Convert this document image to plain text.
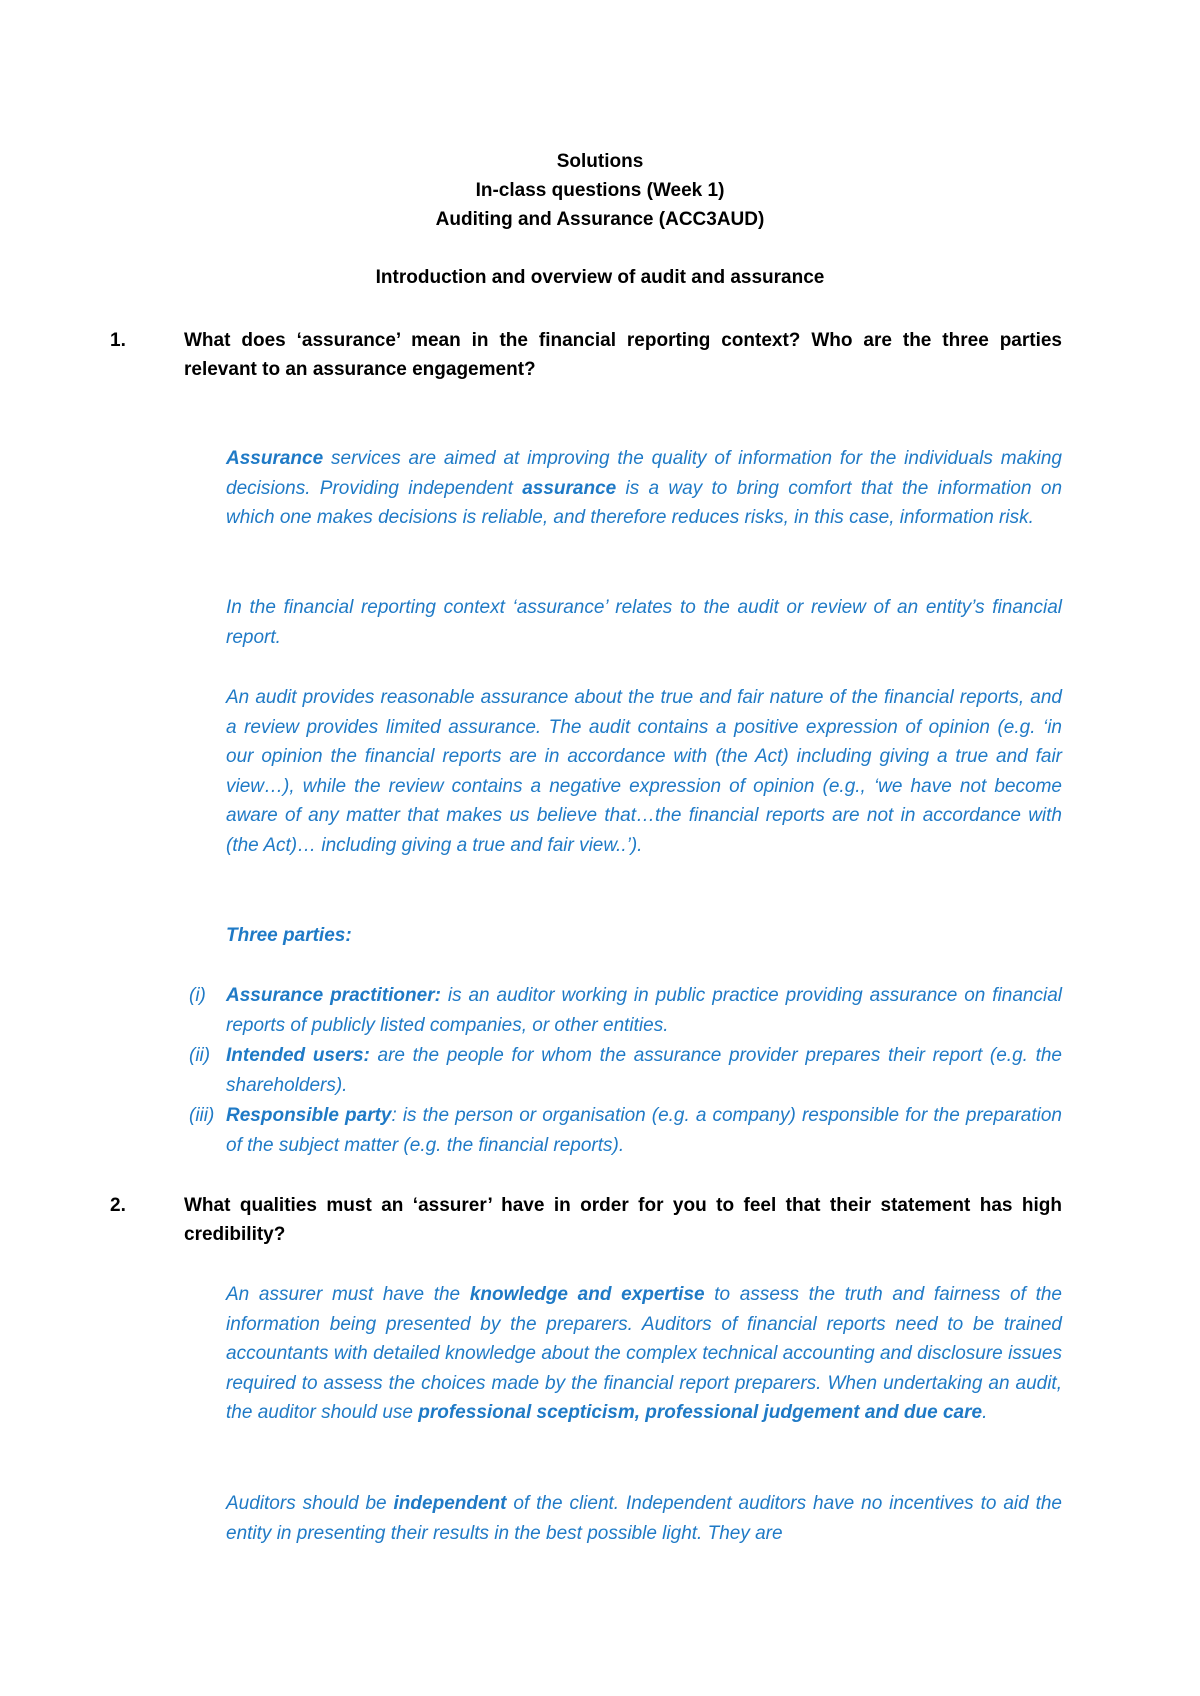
Solutions
In-class questions (Week 1)
Auditing and Assurance (ACC3AUD)
Introduction and overview of audit and assurance
1.	What does ‘assurance’ mean in the financial reporting context? Who are the three parties relevant to an assurance engagement?
Assurance services are aimed at improving the quality of information for the individuals making decisions. Providing independent assurance is a way to bring comfort that the information on which one makes decisions is reliable, and therefore reduces risks, in this case, information risk.
In the financial reporting context ‘assurance’ relates to the audit or review of an entity’s financial report.
An audit provides reasonable assurance about the true and fair nature of the financial reports, and a review provides limited assurance. The audit contains a positive expression of opinion (e.g. ‘in our opinion the financial reports are in accordance with (the Act) including giving a true and fair view…), while the review contains a negative expression of opinion (e.g., ‘we have not become aware of any matter that makes us believe that…the financial reports are not in accordance with (the Act)… including giving a true and fair view..’).
Three parties:
(i) Assurance practitioner: is an auditor working in public practice providing assurance on financial reports of publicly listed companies, or other entities.
(ii) Intended users: are the people for whom the assurance provider prepares their report (e.g. the shareholders).
(iii) Responsible party: is the person or organisation (e.g. a company) responsible for the preparation of the subject matter (e.g. the financial reports).
2.	What qualities must an ‘assurer’ have in order for you to feel that their statement has high credibility?
An assurer must have the knowledge and expertise to assess the truth and fairness of the information being presented by the preparers. Auditors of financial reports need to be trained accountants with detailed knowledge about the complex technical accounting and disclosure issues required to assess the choices made by the financial report preparers. When undertaking an audit, the auditor should use professional scepticism, professional judgement and due care.
Auditors should be independent of the client. Independent auditors have no incentives to aid the entity in presenting their results in the best possible light. They are
